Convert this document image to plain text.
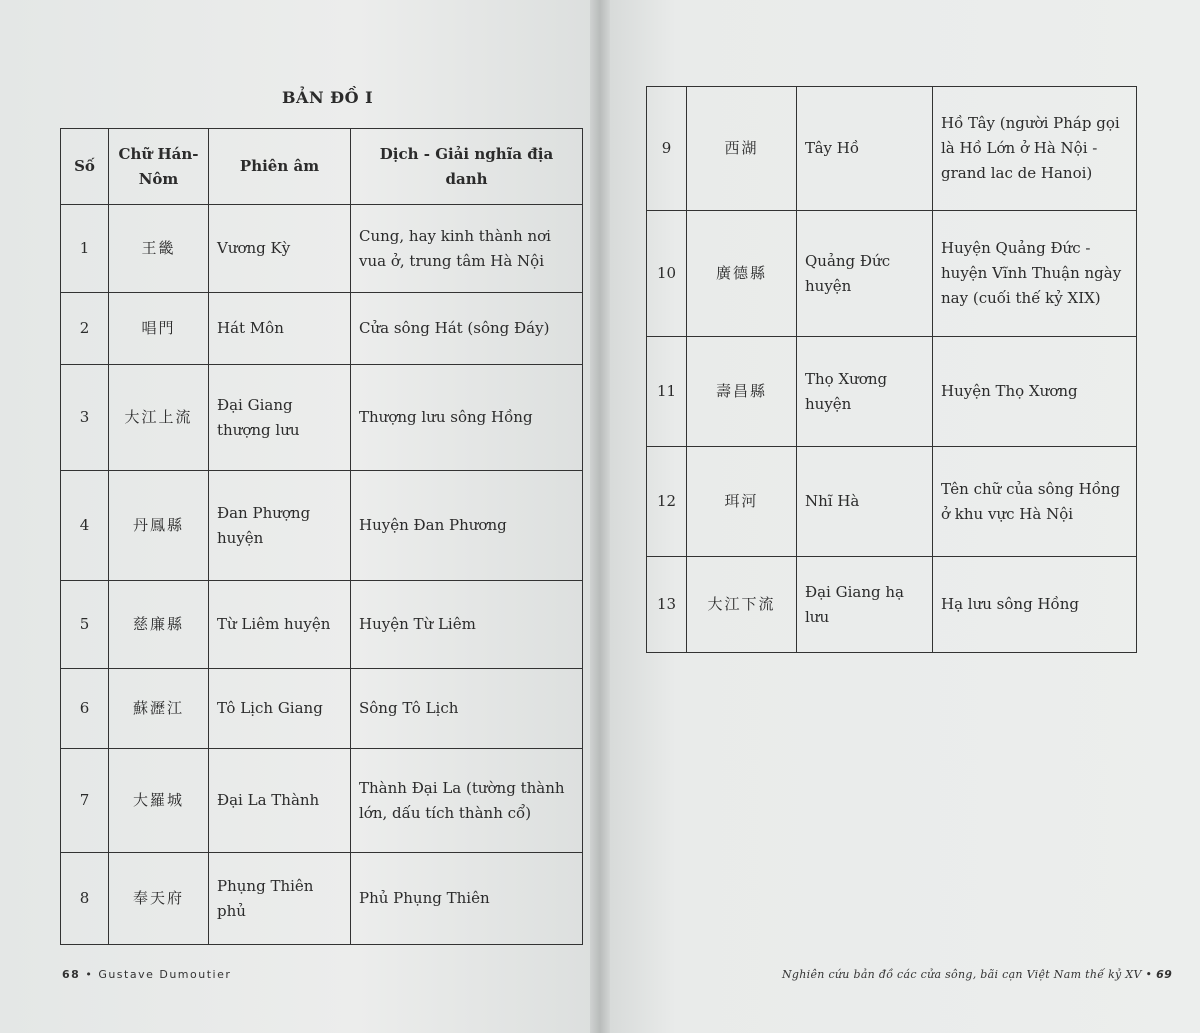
BẢN ĐỒ I
Số	Chữ Hán-Nôm	Phiên âm	Dịch - Giải nghĩa địa danh
1	王畿	Vương Kỳ	Cung, hay kinh thành nơi vua ở, trung tâm Hà Nội
2	唱門	Hát Môn	Cửa sông Hát (sông Đáy)
3	大江上流	Đại Giang thượng lưu	Thượng lưu sông Hồng
4	丹鳳縣	Đan Phượng huyện	Huyện Đan Phương
5	慈廉縣	Từ Liêm huyện	Huyện Từ Liêm
6	蘇瀝江	Tô Lịch Giang	Sông Tô Lịch
7	大羅城	Đại La Thành	Thành Đại La (tường thành lớn, dấu tích thành cổ)
8	奉天府	Phụng Thiên phủ	Phủ Phụng Thiên
9	西湖	Tây Hồ	Hồ Tây (người Pháp gọi là Hồ Lớn ở Hà Nội - grand lac de Hanoi)
10	廣德縣	Quảng Đức huyện	Huyện Quảng Đức - huyện Vĩnh Thuận ngày nay (cuối thế kỷ XIX)
11	壽昌縣	Thọ Xương huyện	Huyện Thọ Xương
12	珥河	Nhĩ Hà	Tên chữ của sông Hồng ở khu vực Hà Nội
13	大江下流	Đại Giang hạ lưu	Hạ lưu sông Hồng
68 • Gustave Dumoutier	Nghiên cứu bản đồ các cửa sông, bãi cạn Việt Nam thế kỷ XV • 69
